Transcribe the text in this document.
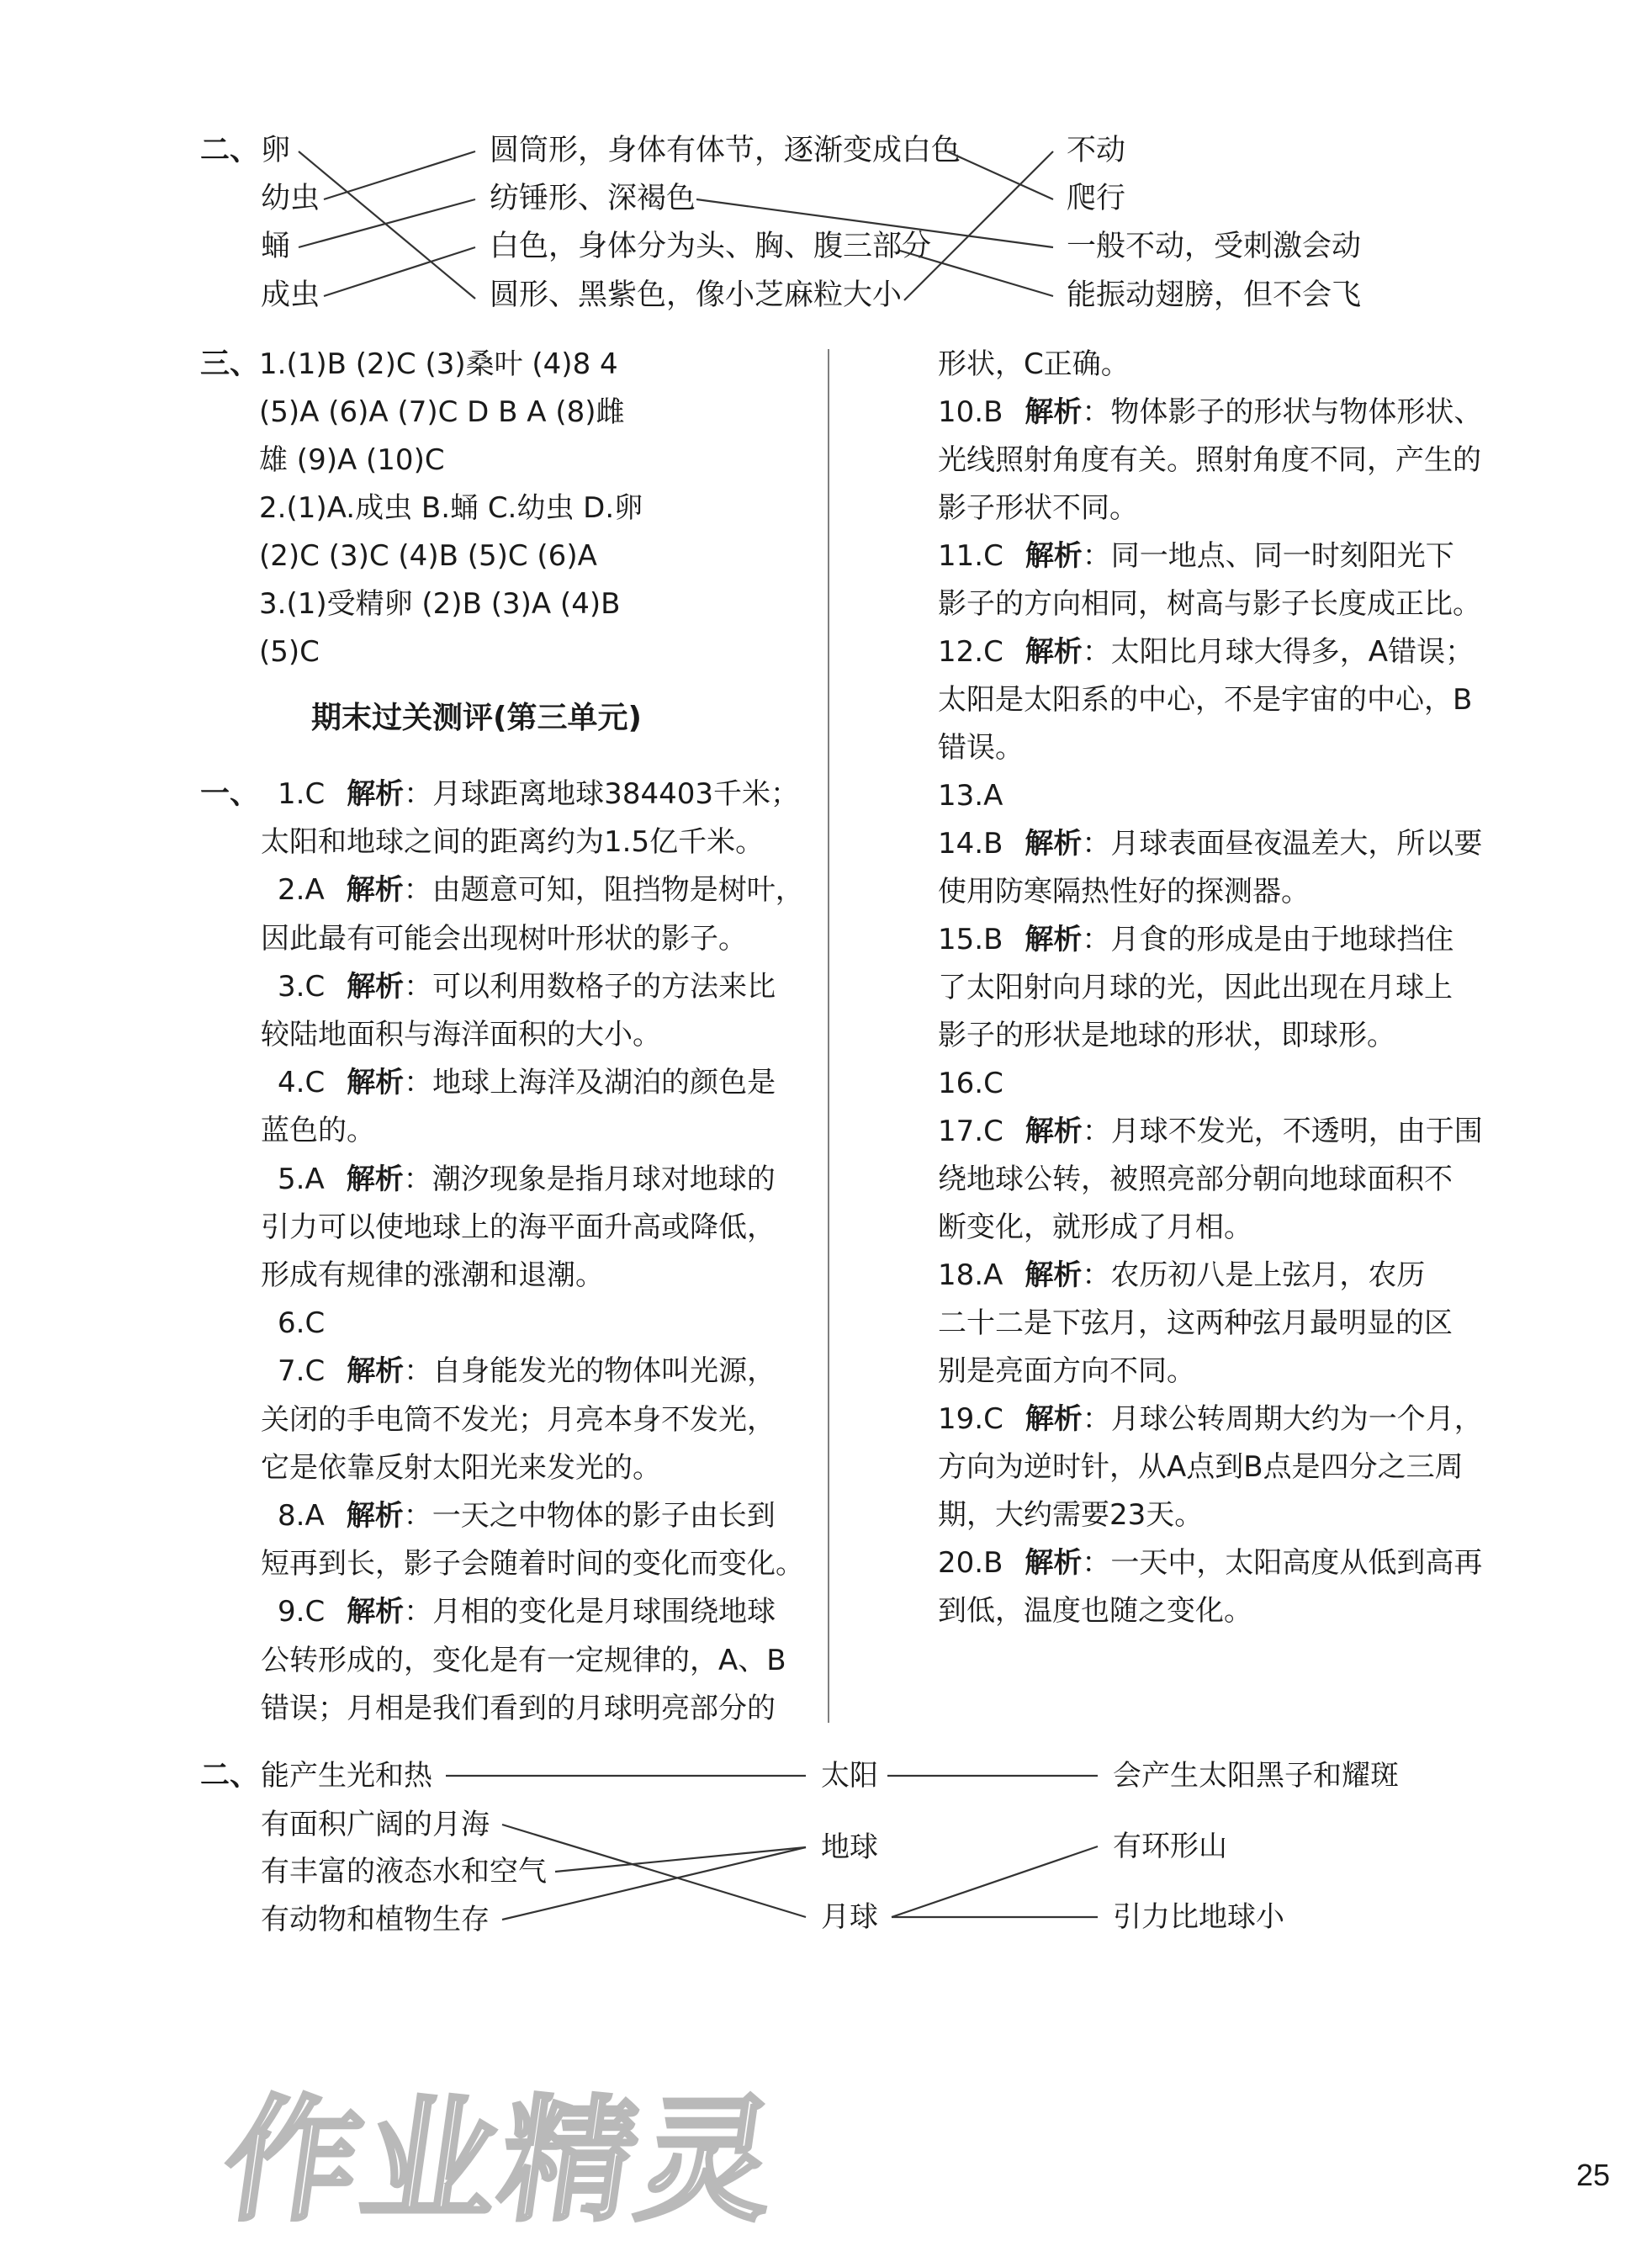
二、 卵
幼虫
蛹
成虫
圆筒形，身体有体节，逐渐变成白色
纺锤形、深褐色
白色，身体分为头、胸、腹三部分
圆形、黑紫色，像小芝麻粒大小
不动
爬行
一般不动，受刺激会动
能振动翅膀，但不会飞
三、 1.(1)B (2)C (3)桑叶 (4)8 4
(5)A (6)A (7)C D B A (8)雌
雄 (9)A (10)C
2.(1)A.成虫 B.蛹 C.幼虫 D.卵
(2)C (3)C (4)B (5)C (6)A
3.(1)受精卵 (2)B (3)A (4)B
(5)C
期末过关测评(第三单元)
一、 1.C 解析：月球距离地球384403千米；
太阳和地球之间的距离约为1.5亿千米。
2.A 解析：由题意可知，阻挡物是树叶，
因此最有可能会出现树叶形状的影子。
3.C 解析：可以利用数格子的方法来比
较陆地面积与海洋面积的大小。
4.C 解析：地球上海洋及湖泊的颜色是
蓝色的。
5.A 解析：潮汐现象是指月球对地球的
引力可以使地球上的海平面升高或降低，
形成有规律的涨潮和退潮。
6.C
7.C 解析：自身能发光的物体叫光源，
关闭的手电筒不发光；月亮本身不发光，
它是依靠反射太阳光来发光的。
8.A 解析：一天之中物体的影子由长到
短再到长，影子会随着时间的变化而变化。
9.C 解析：月相的变化是月球围绕地球
公转形成的，变化是有一定规律的，A、B
错误；月相是我们看到的月球明亮部分的
形状，C正确。
10.B 解析：物体影子的形状与物体形状、
光线照射角度有关。照射角度不同，产生的
影子形状不同。
11.C 解析：同一地点、同一时刻阳光下
影子的方向相同，树高与影子长度成正比。
12.C 解析：太阳比月球大得多，A错误；
太阳是太阳系的中心，不是宇宙的中心，B
错误。
13.A
14.B 解析：月球表面昼夜温差大，所以要
使用防寒隔热性好的探测器。
15.B 解析：月食的形成是由于地球挡住
了太阳射向月球的光，因此出现在月球上
影子的形状是地球的形状，即球形。
16.C
17.C 解析：月球不发光，不透明，由于围
绕地球公转，被照亮部分朝向地球面积不
断变化，就形成了月相。
18.A 解析：农历初八是上弦月，农历
二十二是下弦月，这两种弦月最明显的区
别是亮面方向不同。
19.C 解析：月球公转周期大约为一个月，
方向为逆时针，从A点到B点是四分之三周
期，大约需要23天。
20.B 解析：一天中，太阳高度从低到高再
到低，温度也随之变化。
二、 能产生光和热
有面积广阔的月海
有丰富的液态水和空气
有动物和植物生存
太阳
地球
月球
会产生太阳黑子和耀斑
有环形山
引力比地球小
作业精灵	25
